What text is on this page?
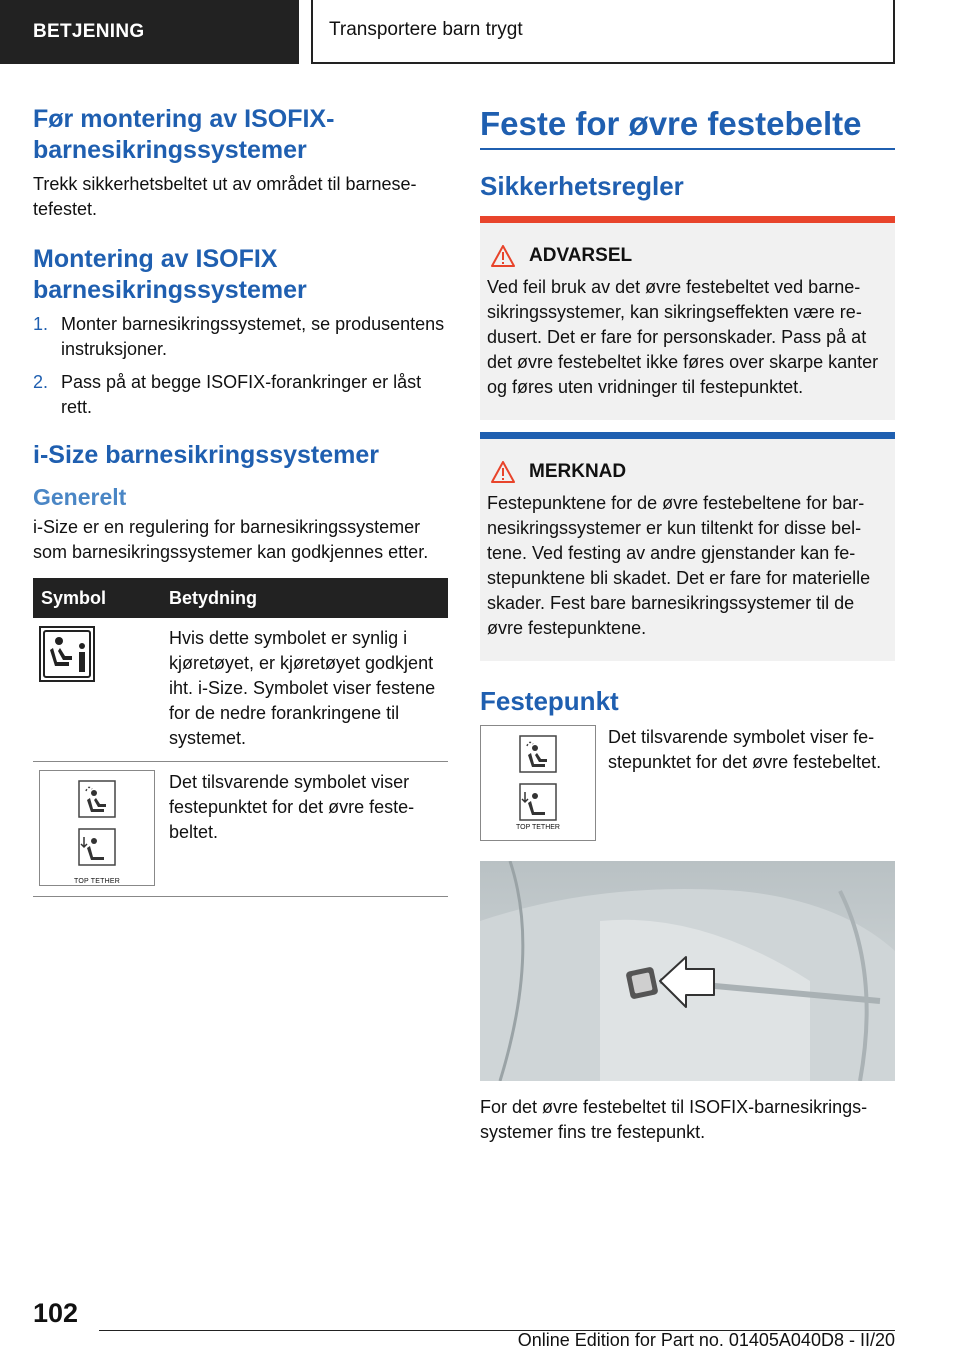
BETJENING	Transportere barn trygt
Før montering av ISOFIX-barnesikringssystemer

Trekk sikkerhetsbeltet ut av området til barnesetefestet.

Montering av ISOFIX barnesikringssystemer
1. Monter barnesikringssystemet, se produsentens instruksjoner.
2. Pass på at begge ISOFIX-forankringer er låst rett.
i-Size barnesikringssystemer
Generelt

i-Size er en regulering for barnesikringssystemer som barnesikringssystemer kan godkjennes etter.

Symbol	Betydning
	Hvis dette symbolet er synlig i kjøretøyet, er kjøretøyet godkjent iht. i-Size. Symbolet viser festene for de nedre forankringene til systemet.

TOP TETHER	Det tilsvarende symbolet viser festepunktet for det øvre festebeltet.
Feste for øvre festebelte
Sikkerhetsregler
ADVARSEL

Ved feil bruk av det øvre festebeltet ved barnesikringssystemer, kan sikringseffekten være redusert. Det er fare for personskader. Pass på at det øvre festebeltet ikke føres over skarpe kanter og føres uten vridninger til festepunktet.

MERKNAD

Festepunktene for de øvre festebeltene for barnesikringssystemer er kun tiltenkt for disse beltene. Ved festing av andre gjenstander kan festepunktene bli skadet. Det er fare for materielle skader. Fest bare barnesikringssystemer til de øvre festepunktene.

Festepunkt
TOP TETHER

Det tilsvarende symbolet viser festepunktet for det øvre festebeltet.

For det øvre festebeltet til ISOFIX-barnesikringssystemer fins tre festepunkt.

102
Online Edition for Part no. 01405A040D8 - II/20
